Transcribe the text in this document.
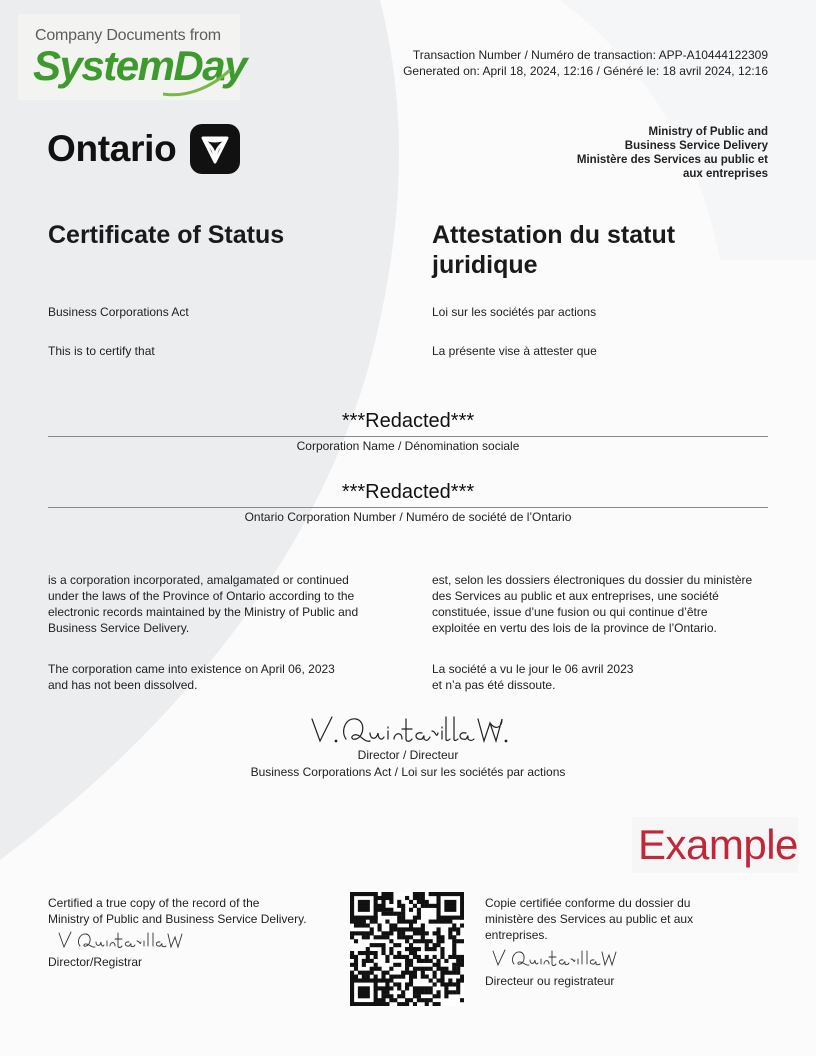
Company Documents from
SystemDay	Transaction Number / Numéro de transaction: APP-A10444122309
Generated on: April 18, 2024, 12:16 / Généré le: 18 avril 2024, 12:16
Ontario	Ministry of Public and
Business Service Delivery
Ministère des Services au public et
aux entreprises
Certificate of Status	Attestation du statut
juridique
Business Corporations Act	Loi sur les sociétés par actions
This is to certify that	La présente vise à attester que
***Redacted***
Corporation Name / Dénomination sociale
***Redacted***
Ontario Corporation Number / Numéro de société de l’Ontario
is a corporation incorporated, amalgamated or continued
under the laws of the Province of Ontario according to the
electronic records maintained by the Ministry of Public and
Business Service Delivery.
The corporation came into existence on April 06, 2023
and has not been dissolved.
est, selon les dossiers électroniques du dossier du ministère
des Services au public et aux entreprises, une société
constituée, issue d’une fusion ou qui continue d’être
exploitée en vertu des lois de la province de l’Ontario.
La société a vu le jour le 06 avril 2023
et n’a pas été dissoute.
Director / Directeur
Business Corporations Act / Loi sur les sociétés par actions
Example
Certified a true copy of the record of the
Ministry of Public and Business Service Delivery.
Director/Registrar
Copie certifiée conforme du dossier du
ministère des Services au public et aux
entreprises.
Directeur ou registrateur
